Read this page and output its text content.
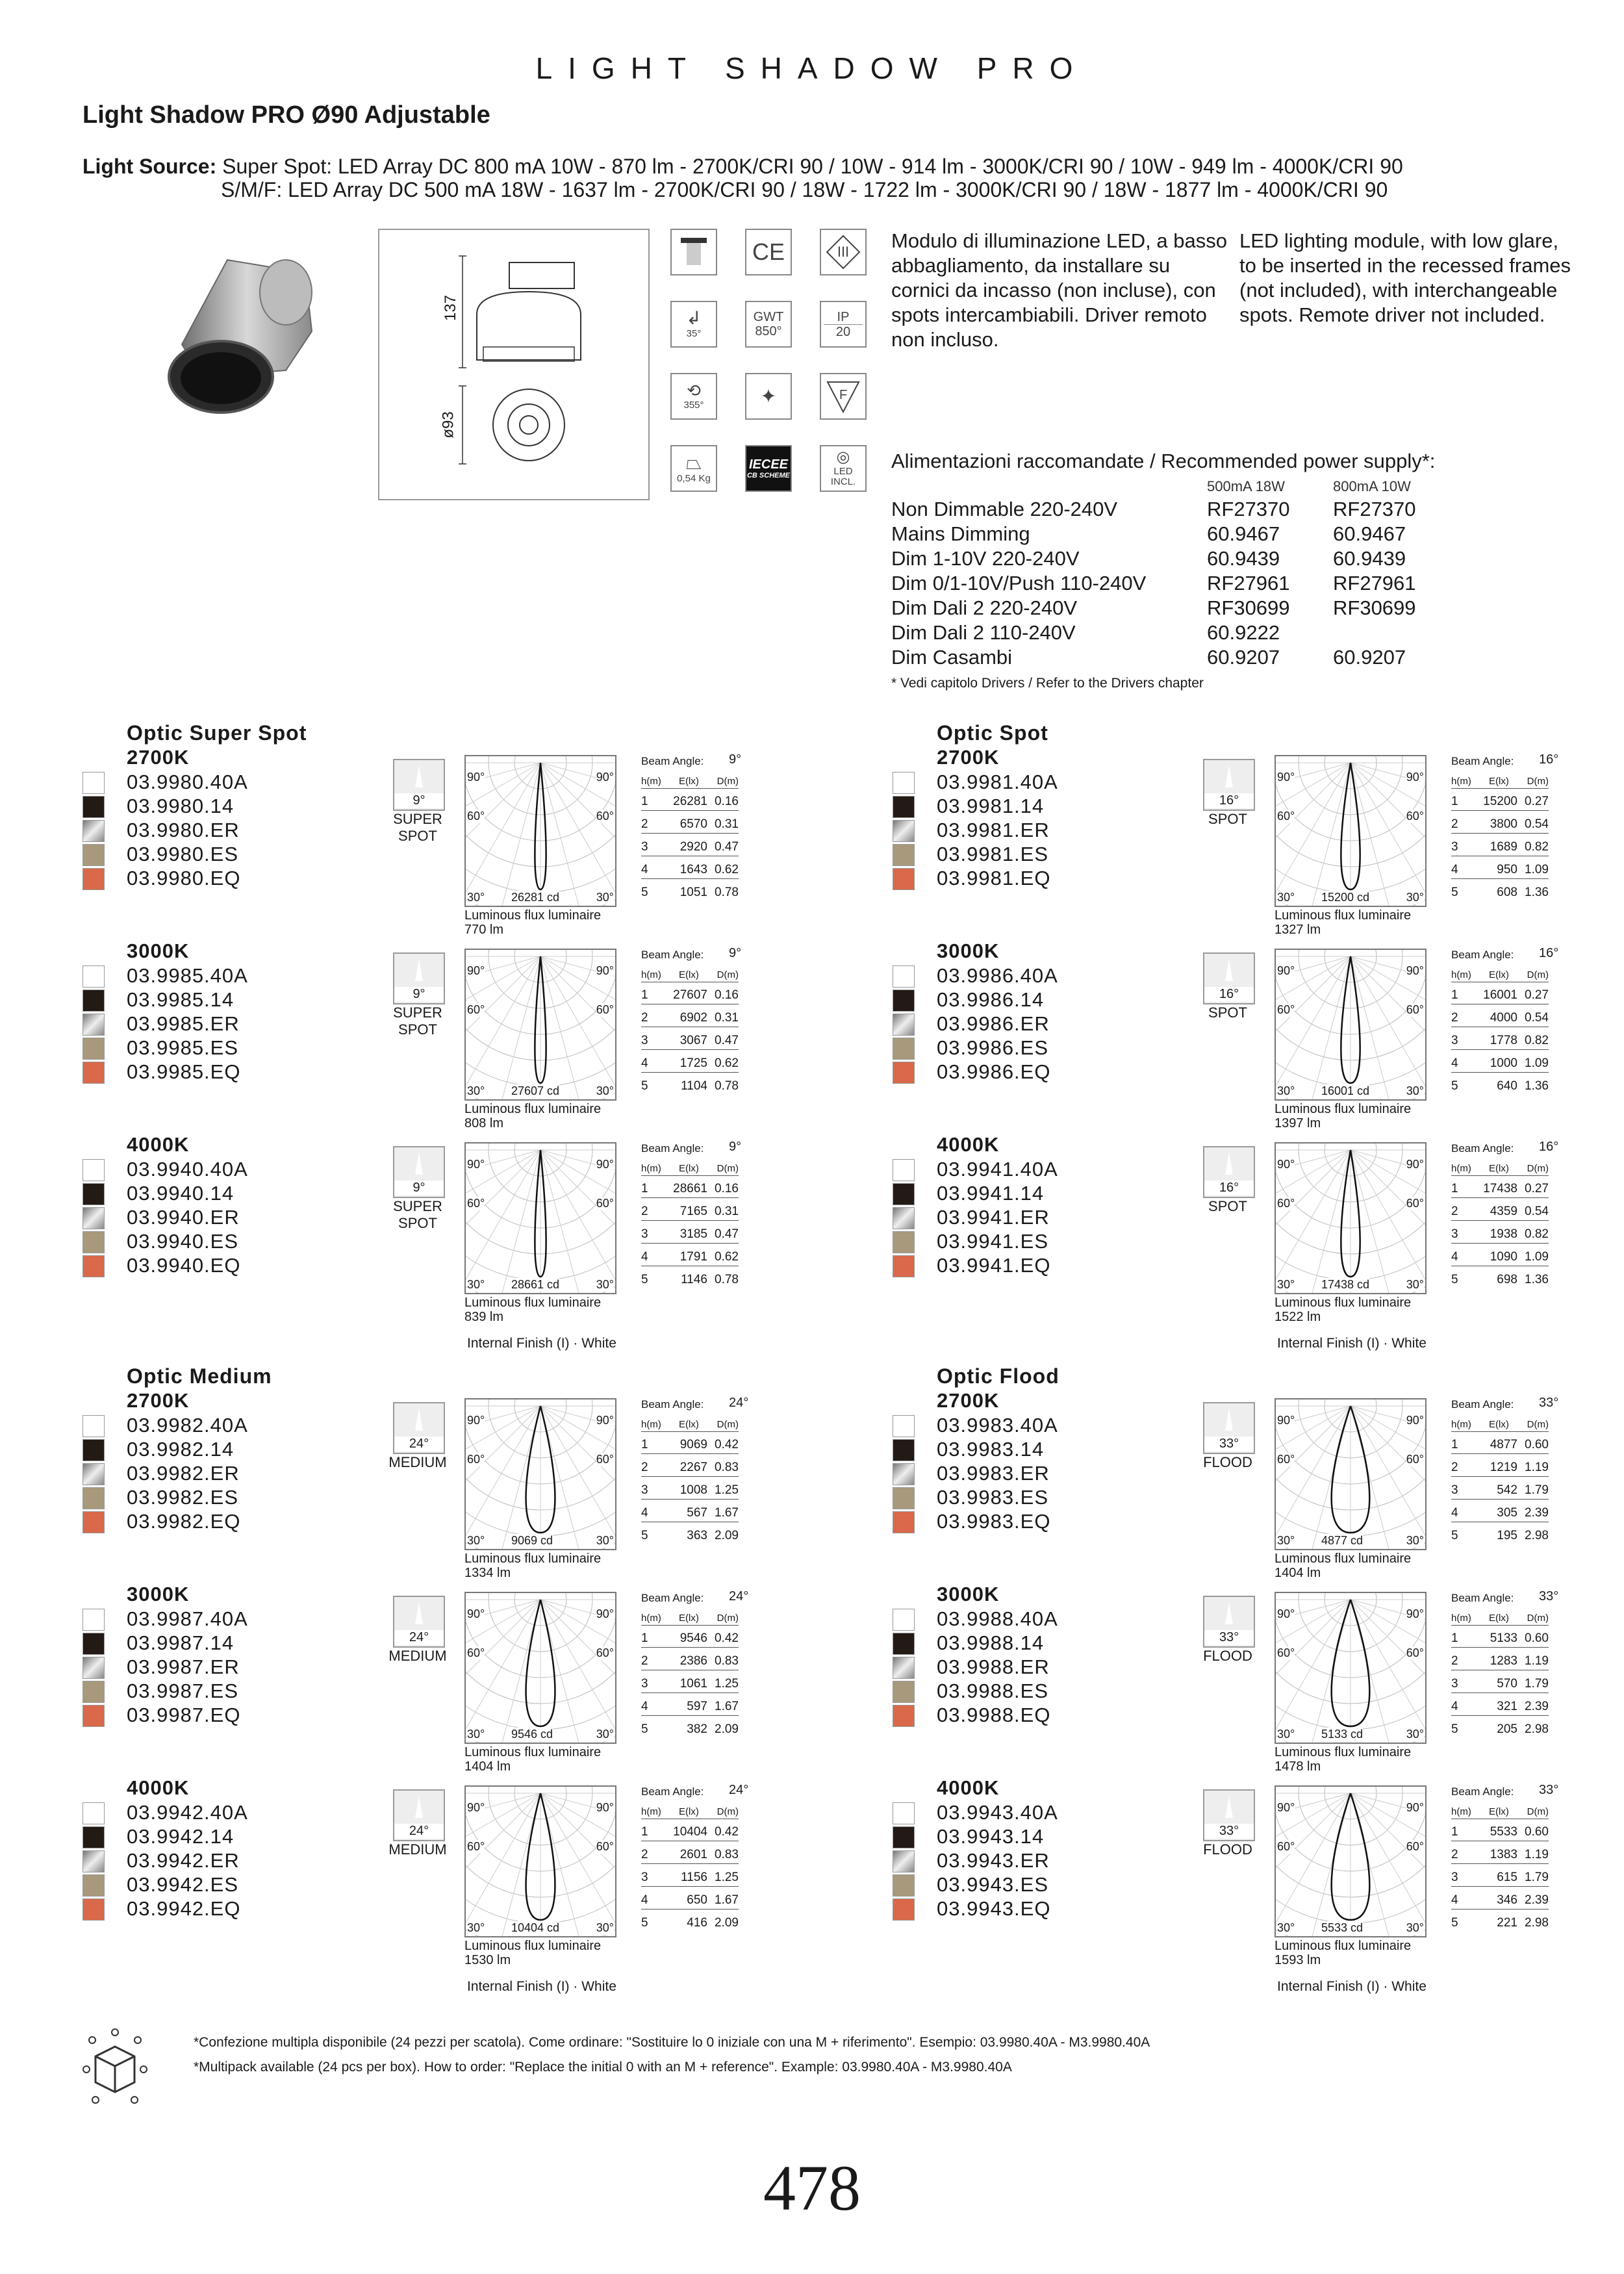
LIGHT SHADOW PRO
Light Shadow PRO Ø90 Adjustable
Light Source: Super Spot: LED Array DC 800 mA 10W - 870 lm - 2700K/CRI 90 / 10W - 914 lm - 3000K/CRI 90 / 10W - 949 lm - 4000K/CRI 90
S/M/F: LED Array DC 500 mA 18W - 1637 lm - 2700K/CRI 90 / 18W - 1722 lm - 3000K/CRI 90 / 18W - 1877 lm - 4000K/CRI 90
137
ø93
CE	III
↲
35°
GWT
850°
IP
20
⟲
355°	✦	F
⏢
0,54 Kg
IECEE
CB SCHEME
◎
LED INCL.
Modulo di illuminazione LED, a basso abbagliamento, da installare su cornici da incasso (non incluse), con spots intercambiabili. Driver remoto non incluso.
LED lighting module, with low glare, to be inserted in the recessed frames (not included), with interchangeable spots. Remote driver not included.
Alimentazioni raccomandate / Recommended power supply*:
500mA 18W	800mA 10W
Non Dimmable 220-240V	RF27370 RF27370
Mains Dimming	60.9467	60.9467
Dim 1-10V 220-240V	60.9439	60.9439
Dim 0/1-10V/Push 110-240V	RF27961 RF27961
Dim Dali 2 220-240V	RF30699 RF30699
Dim Dali 2 110-240V	60.9222
Dim Casambi	60.9207	60.9207
* Vedi capitolo Drivers / Refer to the Drivers chapter
Optic Super Spot
2700K
03.9980.40A
03.9980.14
03.9980.ER
03.9980.ES
03.9980.EQ
9°
SUPER SPOT
90°	90°
60°	60°
30°	30°
26281 cd
Luminous flux luminaire
770 lm
Beam Angle: 9°
h(m) E(lx) D(m)
1 26281 0.16
2	6570 0.31
3	2920 0.47
4	1643 0.62
5	1051 0.78
3000K
03.9985.40A
03.9985.14
03.9985.ER
03.9985.ES
03.9985.EQ
9°
SUPER SPOT
90°	90°
60°	60°
30°	30°
27607 cd
Luminous flux luminaire
808 lm
Beam Angle: 9°
h(m) E(lx) D(m)
1 27607 0.16
2	6902 0.31
3	3067 0.47
4	1725 0.62
5	1104 0.78
4000K
03.9940.40A
03.9940.14
03.9940.ER
03.9940.ES
03.9940.EQ
9°
SUPER SPOT
90°	90°
60°	60°
30°	30°
28661 cd
Luminous flux luminaire
839 lm
Beam Angle: 9°
h(m) E(lx) D(m)
1 28661 0.16
2	7165 0.31
3	3185 0.47
4	1791 0.62
5	1146 0.78
Internal Finish (I) · White
Optic Spot
2700K
03.9981.40A
03.9981.14
03.9981.ER
03.9981.ES
03.9981.EQ
16°
SPOT
90°	90°
60°	60°
30°	30°
15200 cd
Luminous flux luminaire
1327 lm
Beam Angle: 16°
h(m) E(lx) D(m)
1 15200 0.27
2	3800 0.54
3	1689 0.82
4	950 1.09
5	608 1.36
3000K
03.9986.40A
03.9986.14
03.9986.ER
03.9986.ES
03.9986.EQ
16°
SPOT
90°	90°
60°	60°
30°	30°
16001 cd
Luminous flux luminaire
1397 lm
Beam Angle: 16°
h(m) E(lx) D(m)
1 16001 0.27
2	4000 0.54
3	1778 0.82
4	1000 1.09
5	640 1.36
4000K
03.9941.40A
03.9941.14
03.9941.ER
03.9941.ES
03.9941.EQ
16°
SPOT
90°	90°
60°	60°
30°	30°
17438 cd
Luminous flux luminaire
1522 lm
Beam Angle: 16°
h(m) E(lx) D(m)
1 17438 0.27
2	4359 0.54
3	1938 0.82
4	1090 1.09
5	698 1.36
Internal Finish (I) · White
Optic Medium
2700K
03.9982.40A
03.9982.14
03.9982.ER
03.9982.ES
03.9982.EQ
24°
MEDIUM
90°	90°
60°	60°
30°	30°
9069 cd
Luminous flux luminaire
1334 lm
Beam Angle: 24°
h(m) E(lx) D(m)
1	9069 0.42
2	2267 0.83
3	1008 1.25
4	567 1.67
5	363 2.09
3000K
03.9987.40A
03.9987.14
03.9987.ER
03.9987.ES
03.9987.EQ
24°
MEDIUM
90°	90°
60°	60°
30°	30°
9546 cd
Luminous flux luminaire
1404 lm
Beam Angle: 24°
h(m) E(lx) D(m)
1	9546 0.42
2	2386 0.83
3	1061 1.25
4	597 1.67
5	382 2.09
4000K
03.9942.40A
03.9942.14
03.9942.ER
03.9942.ES
03.9942.EQ
24°
MEDIUM
90°	90°
60°	60°
30°	30°
10404 cd
Luminous flux luminaire
1530 lm
Beam Angle: 24°
h(m) E(lx) D(m)
1 10404 0.42
2	2601 0.83
3	1156 1.25
4	650 1.67
5	416 2.09
Internal Finish (I) · White
Optic Flood
2700K
03.9983.40A
03.9983.14
03.9983.ER
03.9983.ES
03.9983.EQ
33°
FLOOD
90°	90°
60°	60°
30°	30°
4877 cd
Luminous flux luminaire
1404 lm
Beam Angle: 33°
h(m) E(lx) D(m)
1	4877 0.60
2	1219 1.19
3	542 1.79
4	305 2.39
5	195 2.98
3000K
03.9988.40A
03.9988.14
03.9988.ER
03.9988.ES
03.9988.EQ
33°
FLOOD
90°	90°
60°	60°
30°	30°
5133 cd
Luminous flux luminaire
1478 lm
Beam Angle: 33°
h(m) E(lx) D(m)
1	5133 0.60
2	1283 1.19
3	570 1.79
4	321 2.39
5	205 2.98
4000K
03.9943.40A
03.9943.14
03.9943.ER
03.9943.ES
03.9943.EQ
33°
FLOOD
90°	90°
60°	60°
30°	30°
5533 cd
Luminous flux luminaire
1593 lm
Beam Angle: 33°
h(m) E(lx) D(m)
1	5533 0.60
2	1383 1.19
3	615 1.79
4	346 2.39
5	221 2.98
Internal Finish (I) · White
*Confezione multipla disponibile (24 pezzi per scatola). Come ordinare: "Sostituire lo 0 iniziale con una M + riferimento". Esempio: 03.9980.40A - M3.9980.40A
*Multipack available (24 pcs per box). How to order: "Replace the initial 0 with an M + reference". Example: 03.9980.40A - M3.9980.40A
478
